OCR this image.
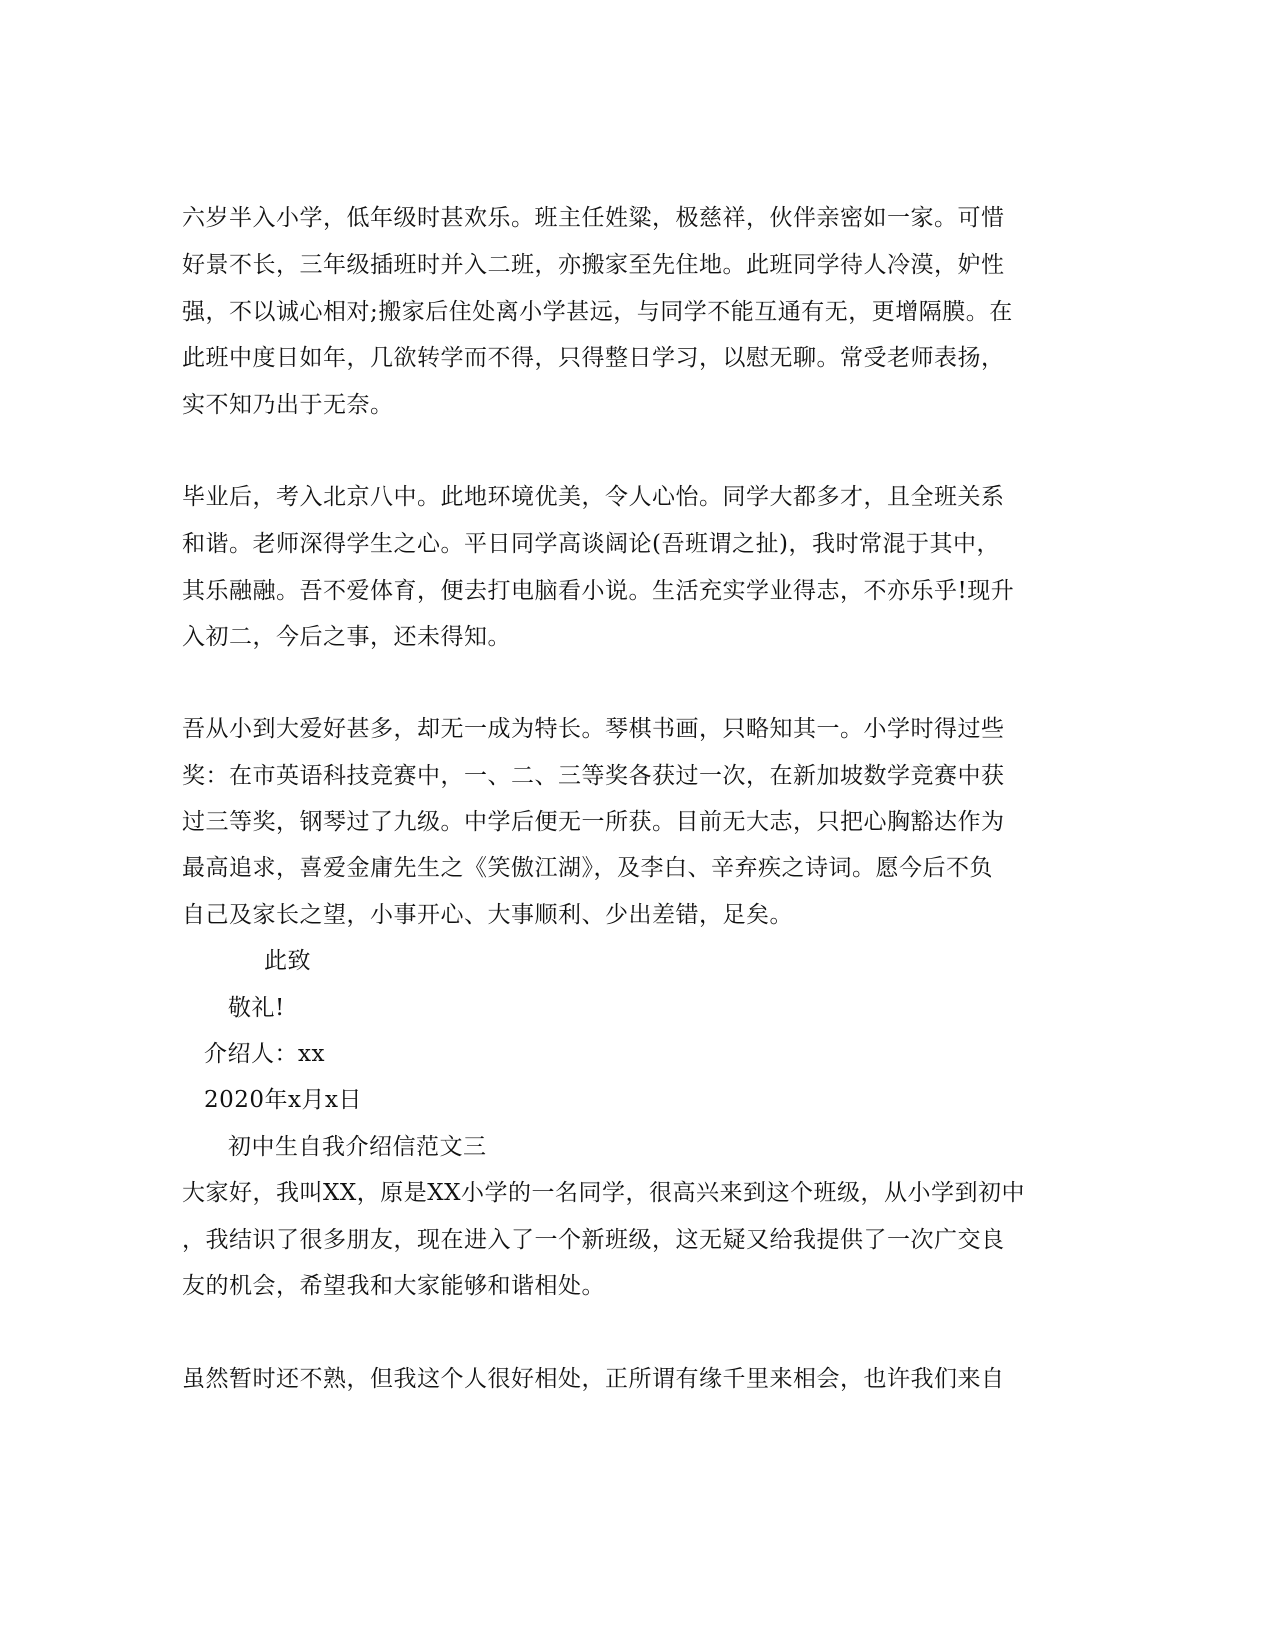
六岁半入小学，低年级时甚欢乐。班主任姓粱，极慈祥，伙伴亲密如一家。可惜
好景不长，三年级插班时并入二班，亦搬家至先住地。此班同学待人冷漠，妒性
强，不以诚心相对;搬家后住处离小学甚远，与同学不能互通有无，更增隔膜。在
此班中度日如年，几欲转学而不得，只得整日学习，以慰无聊。常受老师表扬，
实不知乃出于无奈。
毕业后，考入北京八中。此地环境优美，令人心怡。同学大都多才，且全班关系
和谐。老师深得学生之心。平日同学高谈阔论(吾班谓之扯)，我时常混于其中，
其乐融融。吾不爱体育，便去打电脑看小说。生活充实学业得志，不亦乐乎!现升
入初二，今后之事，还未得知。
吾从小到大爱好甚多，却无一成为特长。琴棋书画，只略知其一。小学时得过些
奖：在市英语科技竞赛中，一、二、三等奖各获过一次，在新加坡数学竞赛中获
过三等奖，钢琴过了九级。中学后便无一所获。目前无大志，只把心胸豁达作为
最高追求，喜爱金庸先生之《笑傲江湖》，及李白、辛弃疾之诗词。愿今后不负
自己及家长之望，小事开心、大事顺利、少出差错，足矣。
此致
敬礼!
介绍人：xx
2020年x月x日
初中生自我介绍信范文三
大家好，我叫XX，原是XX小学的一名同学，很高兴来到这个班级，从小学到初中
，我结识了很多朋友，现在进入了一个新班级，这无疑又给我提供了一次广交良
友的机会，希望我和大家能够和谐相处。
虽然暂时还不熟，但我这个人很好相处，正所谓有缘千里来相会，也许我们来自
